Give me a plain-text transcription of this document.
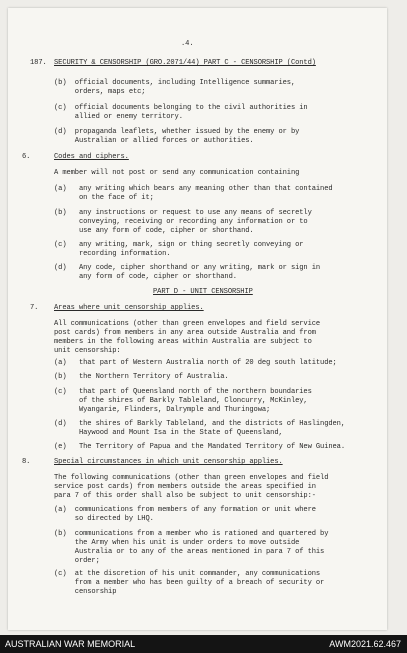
.4.
187. SECURITY & CENSORSHIP (GRO.2071/44) PART C - CENSORSHIP (Contd)
(b)  official documents, including Intelligence summaries,
orders, maps etc;
(c)  official documents belonging to the civil authorities in
allied or enemy territory.
(d)  propaganda leaflets, whether issued by the enemy or by
Australian or allied forces or authorities.
6.	Codes and ciphers.
A member will not post or send any communication containing
(a)   any writing which bears any meaning other than that contained
on the face of it;
(b)   any instructions or request to use any means of secretly
conveying, receiving or recording any information or to
use any form of code, cipher or shorthand.
(c)   any writing, mark, sign or thing secretly conveying or
recording information.
(d)   Any code, cipher shorthand or any writing, mark or sign in
any form of code, cipher or shorthand.
PART D - UNIT CENSORSHIP
7. Areas where unit censorship applies.
All communications (other than green envelopes and field service
post cards) from members in any area outside Australia and from
members in the following areas within Australia are subject to
unit censorship:
(a)   that part of Western Australia north of 20 deg south latitude;
(b)   the Northern Territory of Australia.
(c)   that part of Queensland north of the northern boundaries
of the shires of Barkly Tableland, Cloncurry, McKinley,
Wyangarie, Flinders, Dalrymple and Thuringowa;
(d)   the shires of Barkly Tableland, and the districts of Haslingden,
Haywood and Mount Isa in the State of Queensland,
(e)   The Territory of Papua and the Mandated Territory of New Guinea.
8.	Special circumstances in which unit censorship applies.
The following communications (other than green envelopes and field
service post cards) from members outside the areas specified in
para 7 of this order shall also be subject to unit censorship:-
(a)  communications from members of any formation or unit where
so directed by LHQ.
(b)  communications from a member who is rationed and quartered by
the Army when his unit is under orders to move outside
Australia or to any of the areas mentioned in para 7 of this
order;
(c)  at the discretion of his unit commander, any communications
from a member who has been guilty of a breach of security or
censorship
AUSTRALIAN WAR MEMORIAL	AWM2021.62.467
